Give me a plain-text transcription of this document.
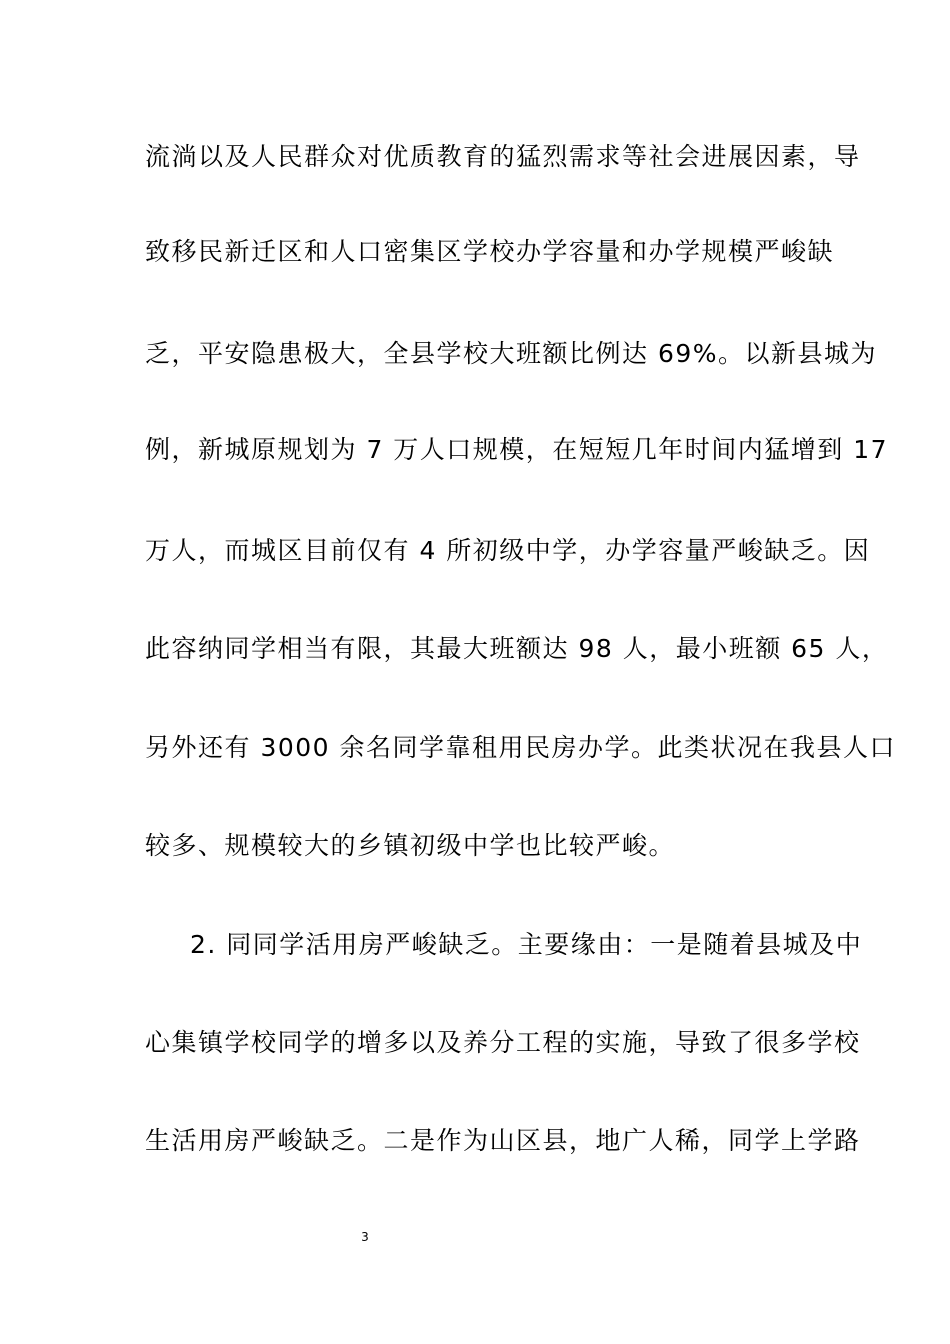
流淌以及人民群众对优质教育的猛烈需求等社会进展因素，导
致移民新迁区和人口密集区学校办学容量和办学规模严峻缺
乏，平安隐患极大，全县学校大班额比例达 69%。以新县城为
例，新城原规划为 7 万人口规模，在短短几年时间内猛增到 17
万人，而城区目前仅有 4 所初级中学，办学容量严峻缺乏。因
此容纳同学相当有限，其最大班额达 98 人，最小班额 65 人，
另外还有 3000 余名同学靠租用民房办学。此类状况在我县人口
较多、规模较大的乡镇初级中学也比较严峻。
2. 同同学活用房严峻缺乏。主要缘由：一是随着县城及中
心集镇学校同学的增多以及养分工程的实施，导致了很多学校
生活用房严峻缺乏。二是作为山区县，地广人稀，同学上学路
3
